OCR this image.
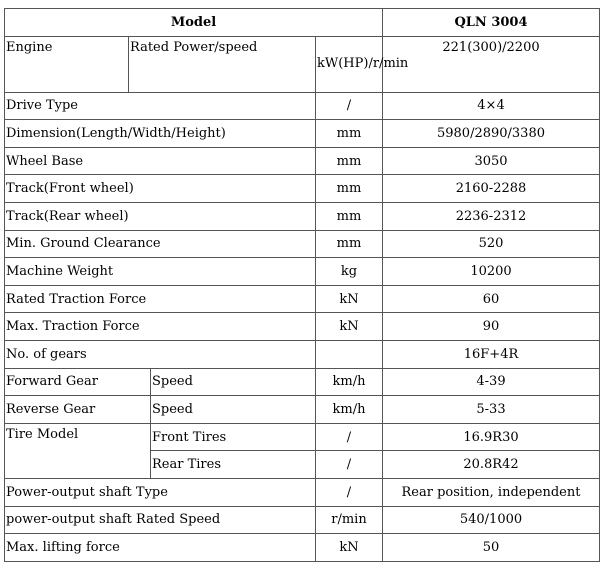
Model				QLN 3004
Engine	Rated Power/speed		kW(HP)/r/min	221(300)/2200
Drive Type			/	4×4
Dimension(Length/Width/Height)			mm	5980/2890/3380
Wheel Base			mm	3050
Track(Front wheel)			mm	2160-2288
Track(Rear wheel)			mm	2236-2312
Min. Ground Clearance			mm	520
Machine Weight			kg	10200
Rated Traction Force			kN	60
Max. Traction Force			kN	90
No. of gears				16F+4R
Forward Gear		Speed	km/h	4-39
Reverse Gear		Speed	km/h	5-33
Tire Model		Front Tires	/	16.9R30
		Rear Tires	/	20.8R42
Power-output shaft Type			/	Rear position, independent
power-output shaft Rated Speed			r/min	540/1000
Max. lifting force			kN	50
